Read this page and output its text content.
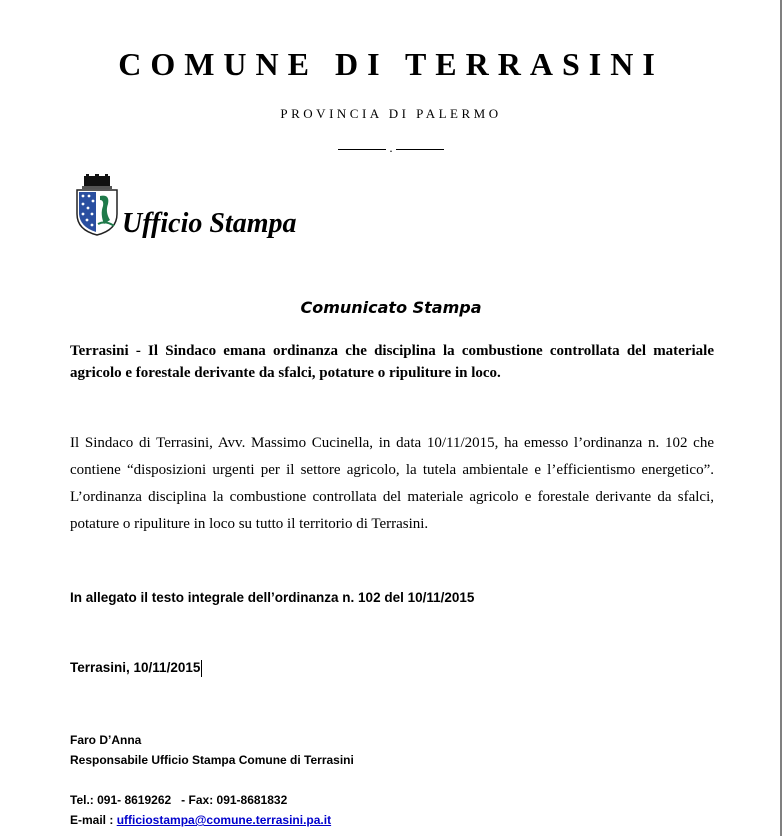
COMUNE DI TERRASINI
PROVINCIA DI PALERMO
.
Ufficio Stampa
Comunicato Stampa
Terrasini - Il Sindaco emana ordinanza che disciplina la combustione controllata del materiale agricolo e forestale derivante da sfalci, potature o ripuliture in loco.
Il Sindaco di Terrasini, Avv. Massimo Cucinella, in data 10/11/2015, ha emesso l’ordinanza n. 102 che contiene “disposizioni urgenti per il settore agricolo, la tutela ambientale e l’efficientismo energetico”. L’ordinanza disciplina la combustione controllata del materiale agricolo e forestale derivante da sfalci, potature o ripuliture in loco su tutto il territorio di Terrasini.
In allegato il testo integrale dell’ordinanza n. 102 del 10/11/2015
Terrasini, 10/11/2015
Faro D’Anna
Responsabile Ufficio Stampa Comune di Terrasini
Tel.: 091- 8619262   - Fax: 091-8681832
E-mail : ufficiostampa@comune.terrasini.pa.it
